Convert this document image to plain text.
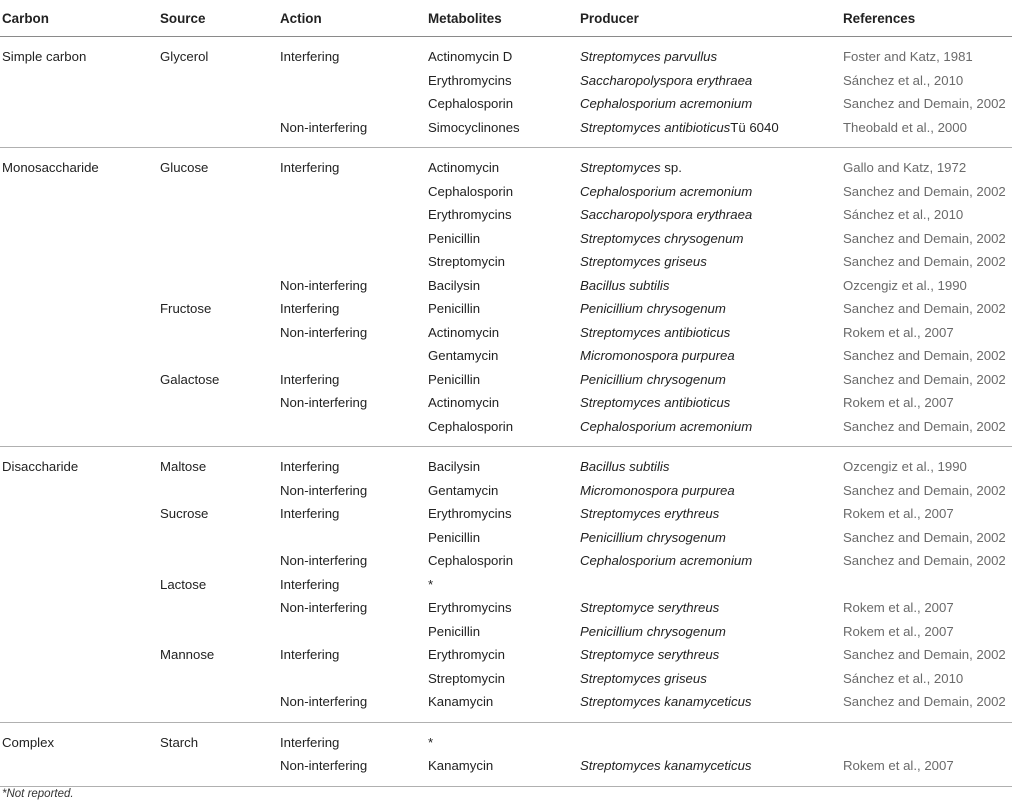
Carbon	Source	Action	Metabolites	Producer	References
Simple carbon	Glycerol	Interfering	Actinomycin D	Streptomyces parvullus	Foster and Katz, 1981
			Erythromycins	Saccharopolyspora erythraea	Sánchez et al., 2010
			Cephalosporin	Cephalosporium acremonium	Sanchez and Demain, 2002
		Non-interfering	Simocyclinones	Streptomyces antibioticusTü 6040	Theobald et al., 2000
Monosaccharide	Glucose	Interfering	Actinomycin	Streptomyces sp.	Gallo and Katz, 1972
			Cephalosporin	Cephalosporium acremonium	Sanchez and Demain, 2002
			Erythromycins	Saccharopolyspora erythraea	Sánchez et al., 2010
			Penicillin	Streptomyces chrysogenum	Sanchez and Demain, 2002
			Streptomycin	Streptomyces griseus	Sanchez and Demain, 2002
		Non-interfering	Bacilysin	Bacillus subtilis	Ozcengiz et al., 1990
	Fructose	Interfering	Penicillin	Penicillium chrysogenum	Sanchez and Demain, 2002
		Non-interfering	Actinomycin	Streptomyces antibioticus	Rokem et al., 2007
			Gentamycin	Micromonospora purpurea	Sanchez and Demain, 2002
	Galactose	Interfering	Penicillin	Penicillium chrysogenum	Sanchez and Demain, 2002
		Non-interfering	Actinomycin	Streptomyces antibioticus	Rokem et al., 2007
			Cephalosporin	Cephalosporium acremonium	Sanchez and Demain, 2002
Disaccharide	Maltose	Interfering	Bacilysin	Bacillus subtilis	Ozcengiz et al., 1990
		Non-interfering	Gentamycin	Micromonospora purpurea	Sanchez and Demain, 2002
	Sucrose	Interfering	Erythromycins	Streptomyces erythreus	Rokem et al., 2007
			Penicillin	Penicillium chrysogenum	Sanchez and Demain, 2002
		Non-interfering	Cephalosporin	Cephalosporium acremonium	Sanchez and Demain, 2002
	Lactose	Interfering	*		
		Non-interfering	Erythromycins	Streptomyce serythreus	Rokem et al., 2007
			Penicillin	Penicillium chrysogenum	Rokem et al., 2007
	Mannose	Interfering	Erythromycin	Streptomyce serythreus	Sanchez and Demain, 2002
			Streptomycin	Streptomyces griseus	Sánchez et al., 2010
		Non-interfering	Kanamycin	Streptomyces kanamyceticus	Sanchez and Demain, 2002
Complex	Starch	Interfering	*		
		Non-interfering	Kanamycin	Streptomyces kanamyceticus	Rokem et al., 2007
*Not reported.
